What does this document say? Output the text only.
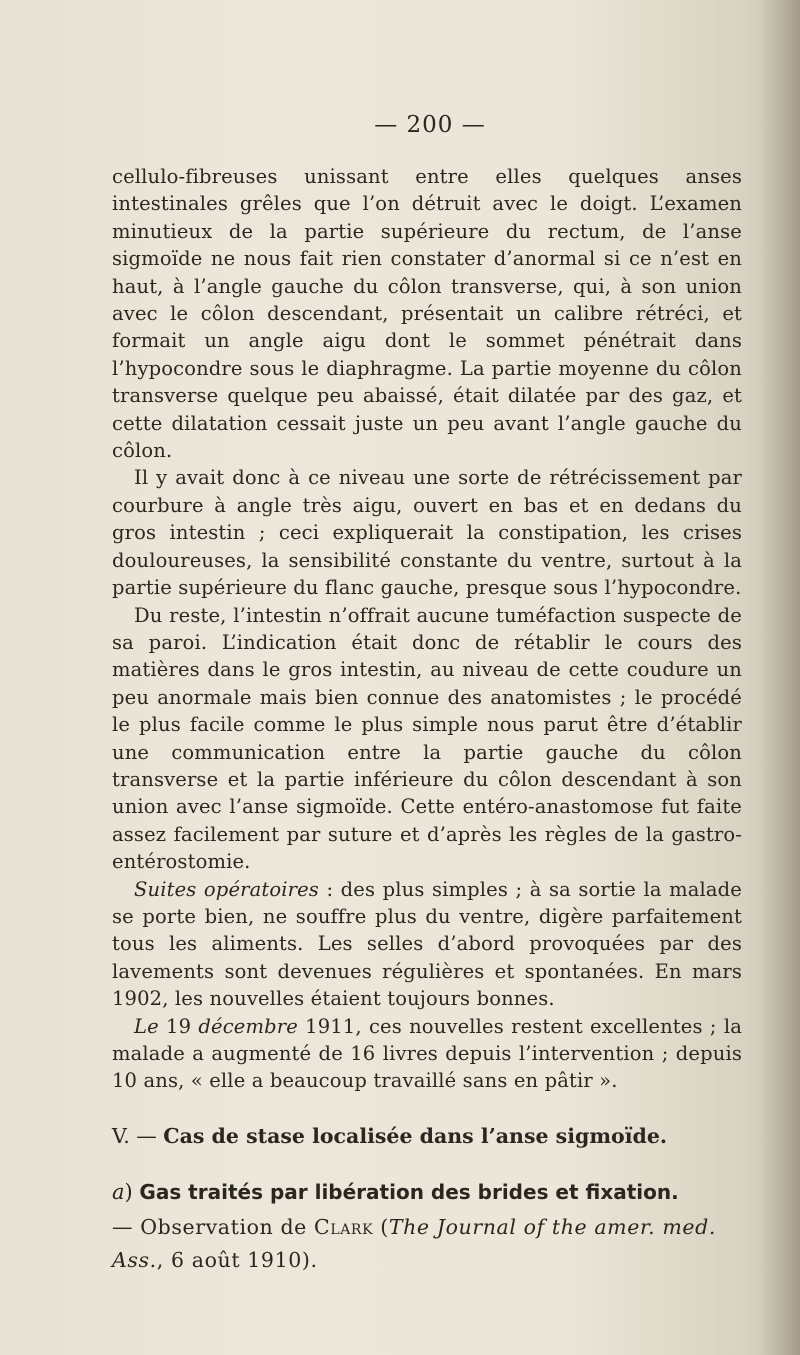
— 200 —

cellulo-fibreuses unissant entre elles quelques anses intestinales grêles que l’on détruit avec le doigt. L’examen minutieux de la partie supérieure du rectum, de l’anse sigmoïde ne nous fait rien constater d’anormal si ce n’est en haut, à l’angle gauche du côlon transverse, qui, à son union avec le côlon descendant, présentait un calibre rétréci, et formait un angle aigu dont le sommet pénétrait dans l’hypocondre sous le diaphragme. La partie moyenne du côlon transverse quelque peu abaissé, était dilatée par des gaz, et cette dilatation cessait juste un peu avant l’angle gauche du côlon.

Il y avait donc à ce niveau une sorte de rétrécissement par courbure à angle très aigu, ouvert en bas et en dedans du gros intestin ; ceci expliquerait la constipation, les crises douloureuses, la sensibilité constante du ventre, surtout à la partie supérieure du flanc gauche, presque sous l’hypocondre.

Du reste, l’intestin n’offrait aucune tuméfaction suspecte de sa paroi. L’indication était donc de rétablir le cours des matières dans le gros intestin, au niveau de cette coudure un peu anormale mais bien connue des anatomistes ; le procédé le plus facile comme le plus simple nous parut être d’établir une communication entre la partie gauche du côlon transverse et la partie inférieure du côlon descendant à son union avec l’anse sigmoïde. Cette entéro-anastomose fut faite assez facilement par suture et d’après les règles de la gastro-entérostomie.

Suites opératoires : des plus simples ; à sa sortie la malade se porte bien, ne souffre plus du ventre, digère parfaitement tous les aliments. Les selles d’abord provoquées par des lavements sont devenues régulières et spontanées. En mars 1902, les nouvelles étaient toujours bonnes.

Le 19 décembre 1911, ces nouvelles restent excellentes ; la malade a augmenté de 16 livres depuis l’intervention ; depuis 10 ans, « elle a beaucoup travaillé sans en pâtir ».

V. — Cas de stase localisée dans l’anse sigmoïde.
a) Gas traités par libération des brides et fixation.
— Observation de Clark (The Journal of the amer. med. Ass., 6 août 1910).
